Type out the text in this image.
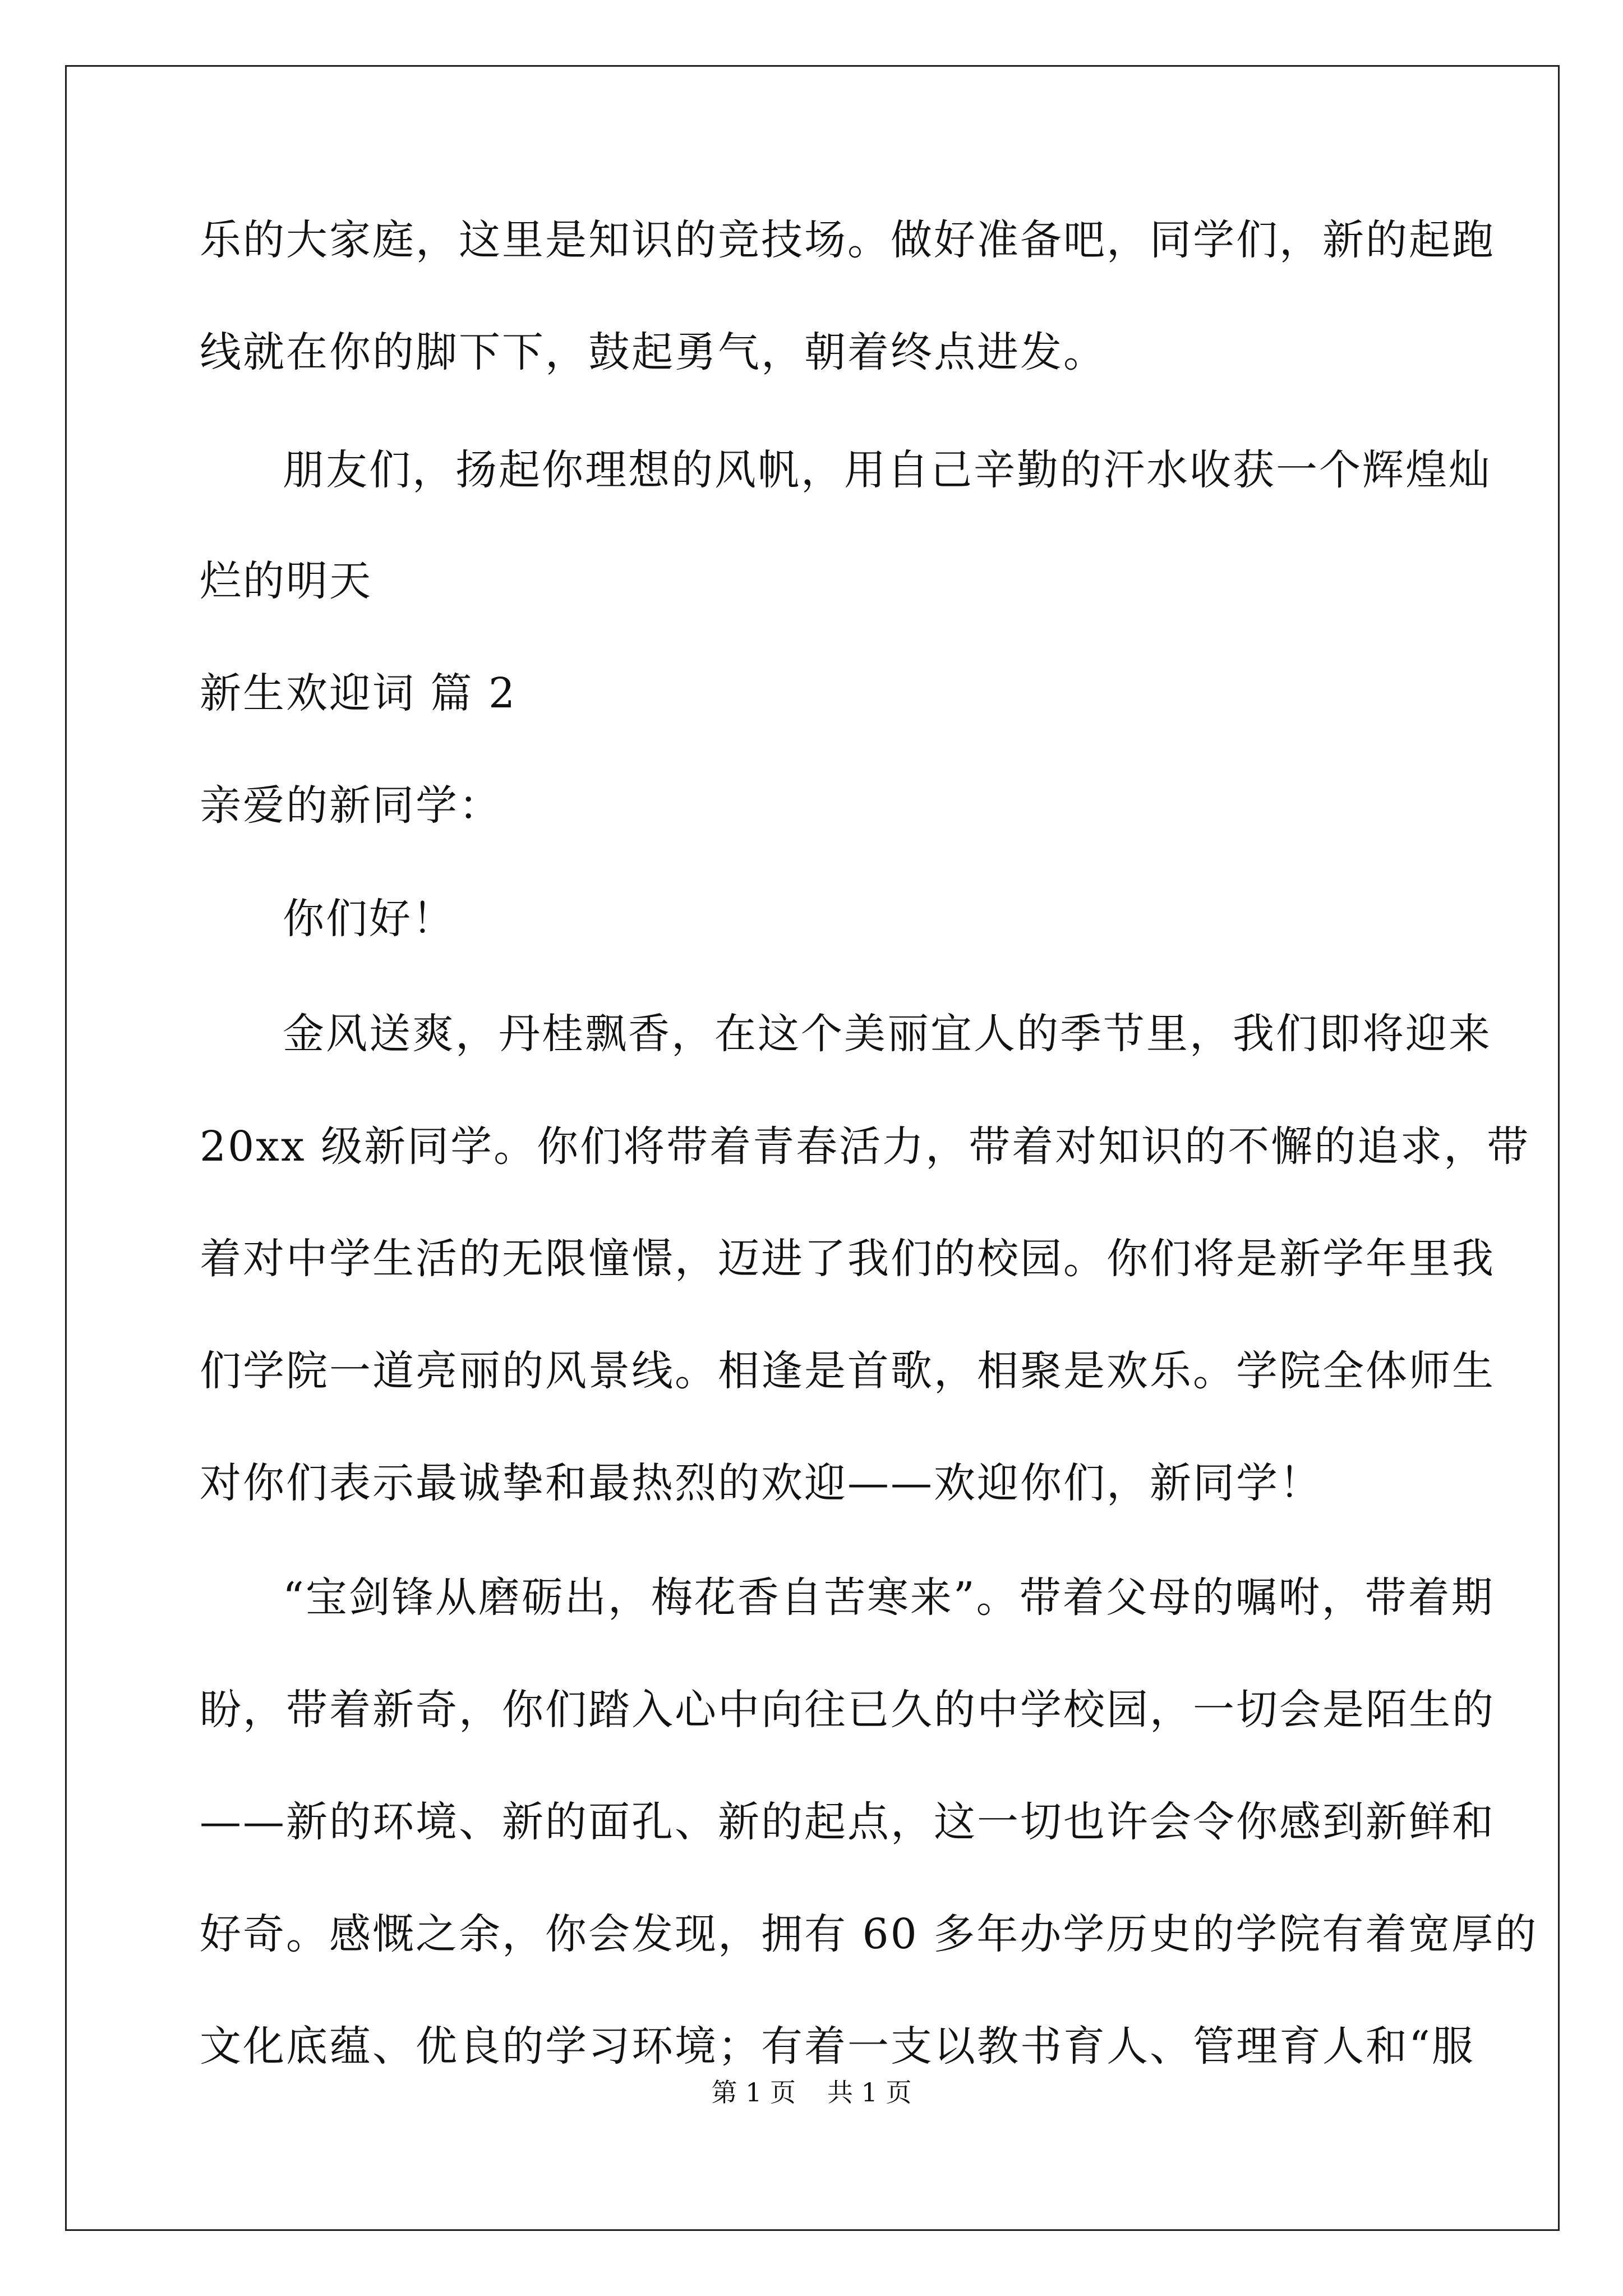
乐的大家庭，这里是知识的竞技场。做好准备吧，同学们，新的起跑
线就在你的脚下下，鼓起勇气，朝着终点进发。
朋友们，扬起你理想的风帆，用自己辛勤的汗水收获一个辉煌灿
烂的明天
新生欢迎词 篇 2
亲爱的新同学：
你们好！
金风送爽，丹桂飘香，在这个美丽宜人的季节里，我们即将迎来
20xx 级新同学。你们将带着青春活力，带着对知识的不懈的追求，带
着对中学生活的无限憧憬，迈进了我们的校园。你们将是新学年里我
们学院一道亮丽的风景线。相逢是首歌，相聚是欢乐。学院全体师生
对你们表示最诚挚和最热烈的欢迎——欢迎你们，新同学！
“宝剑锋从磨砺出，梅花香自苦寒来”。带着父母的嘱咐，带着期
盼，带着新奇，你们踏入心中向往已久的中学校园，一切会是陌生的
——新的环境、新的面孔、新的起点，这一切也许会令你感到新鲜和
好奇。感慨之余，你会发现，拥有 60 多年办学历史的学院有着宽厚的
文化底蕴、优良的学习环境；有着一支以教书育人、管理育人和“服
第 1 页 共 1 页
